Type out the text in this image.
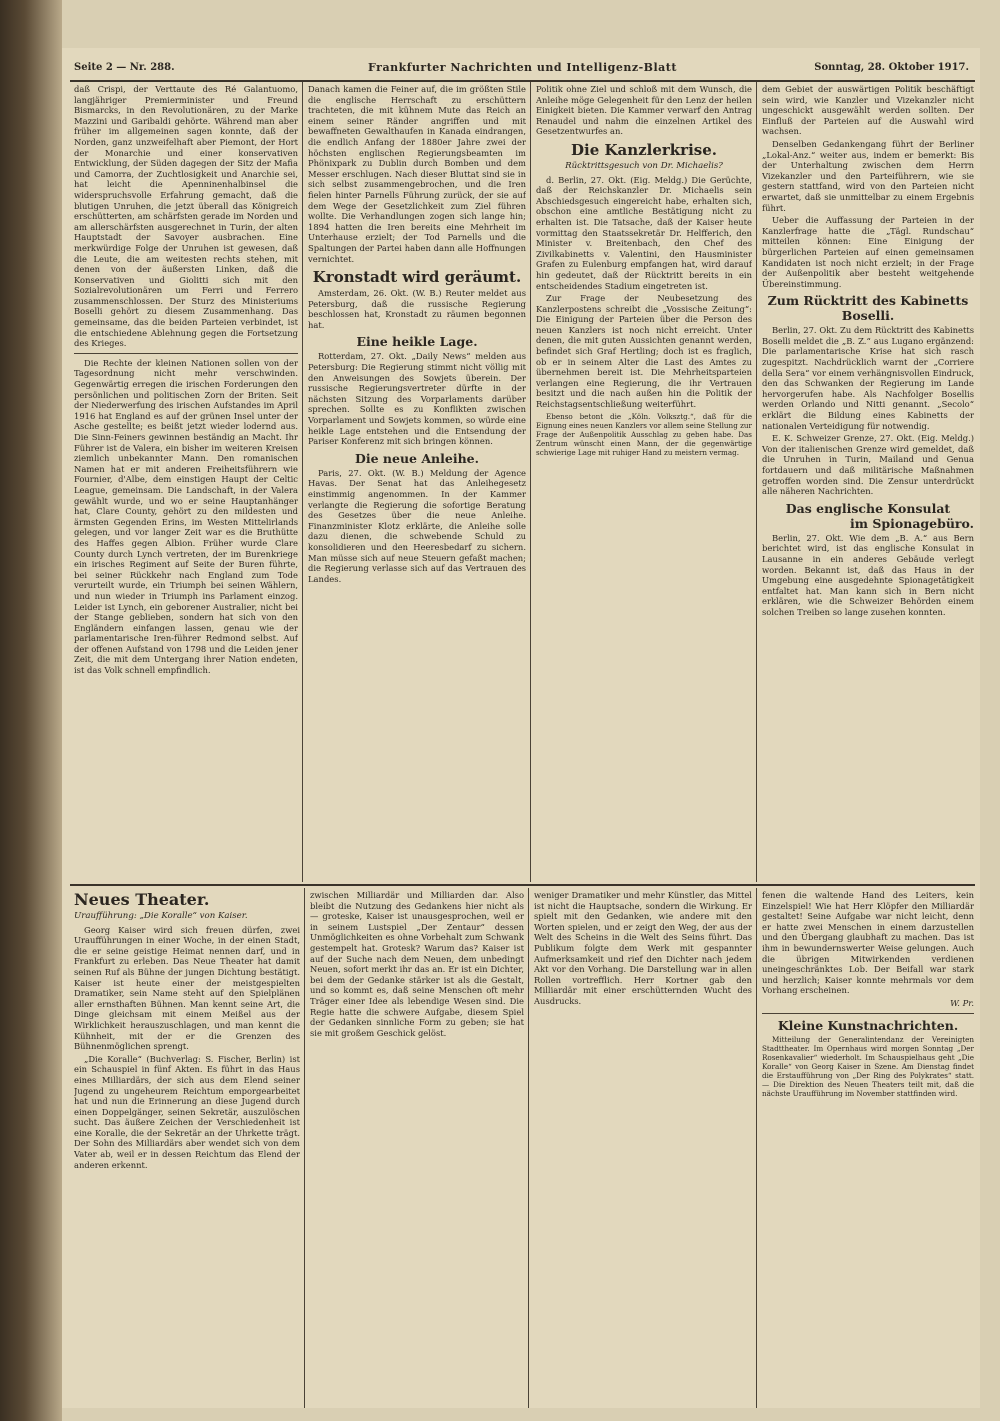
Seite 2 — Nr. 288.	Frankfurter Nachrichten und Intelligenz-Blatt	Sonntag, 28. Oktober 1917.

daß Crispi, der Verttaute des Ré Galantuomo, langjähriger Premierminister und Freund Bismarcks, in den Revolutionären, zu der Marke Mazzini und Garibaldi gehörte. Während man aber früher im allgemeinen sagen konnte, daß der Norden, ganz unzweifelhaft aber Piemont, der Hort der Monarchie und einer konservativen Entwicklung, der Süden dagegen der Sitz der Mafia und Camorra, der Zuchtlosigkeit und Anarchie sei, hat leicht die Apenninenhalbinsel die widerspruchsvolle Erfahrung gemacht, daß die blutigen Unruhen, die jetzt überall das Königreich erschütterten, am schärfsten gerade im Norden und am allerschärfsten ausgerechnet in Turin, der alten Hauptstadt der Savoyer ausbrachen. Eine merkwürdige Folge der Unruhen ist gewesen, daß die Leute, die am weitesten rechts stehen, mit denen von der äußersten Linken, daß die Konservativen und Giolitti sich mit den Sozialrevolutionären um Ferri und Ferrero zusammenschlossen. Der Sturz des Ministeriums Boselli gehört zu diesem Zusammenhang. Das gemeinsame, das die beiden Parteien verbindet, ist die entschiedene Ablehnung gegen die Fortsetzung des Krieges.

Die Rechte der kleinen Nationen sollen von der Tagesordnung nicht mehr verschwinden. Gegenwärtig erregen die irischen Forderungen den persönlichen und politischen Zorn der Briten. Seit der Niederwerfung des irischen Aufstandes im April 1916 hat England es auf der grünen Insel unter der Asche gestellte; es beißt jetzt wieder lodernd aus. Die Sinn-Feiners gewinnen beständig an Macht. Ihr Führer ist de Valera, ein bisher im weiteren Kreisen ziemlich unbekannter Mann. Den romanischen Namen hat er mit anderen Freiheitsführern wie Fournier, d'Albe, dem einstigen Haupt der Celtic League, gemeinsam. Die Landschaft, in der Valera gewählt wurde, und wo er seine Hauptanhänger hat, Clare County, gehört zu den mildesten und ärmsten Gegenden Erins, im Westen Mittelirlands gelegen, und vor langer Zeit war es die Bruthütte des Haffes gegen Albion. Früher wurde Clare County durch Lynch vertreten, der im Burenkriege ein irisches Regiment auf Seite der Buren führte, bei seiner Rückkehr nach England zum Tode verurteilt wurde, ein Triumph bei seinen Wählern, und nun wieder in Triumph ins Parlament einzog. Leider ist Lynch, ein geborener Australier, nicht bei der Stange geblieben, sondern hat sich von den Engländern einfangen lassen, genau wie der parlamentarische Iren-führer Redmond selbst. Auf der offenen Aufstand von 1798 und die Leiden jener Zeit, die mit dem Untergang ihrer Nation endeten, ist das Volk schnell empfindlich.

Danach kamen die Feiner auf, die im größten Stile die englische Herrschaft zu erschüttern trachteten, die mit kühnem Mute das Reich an einem seiner Ränder angriffen und mit bewaffneten Gewalthaufen in Kanada eindrangen, die endlich Anfang der 1880er Jahre zwei der höchsten englischen Regierungsbeamten im Phönixpark zu Dublin durch Bomben und dem Messer erschlugen. Nach dieser Bluttat sind sie in sich selbst zusammengebrochen, und die Iren fielen hinter Parnells Führung zurück, der sie auf dem Wege der Gesetzlichkeit zum Ziel führen wollte. Die Verhandlungen zogen sich lange hin; 1894 hatten die Iren bereits eine Mehrheit im Unterhause erzielt; der Tod Parnells und die Spaltungen der Partei haben dann alle Hoffnungen vernichtet.

Kronstadt wird geräumt.

Amsterdam, 26. Okt. (W. B.) Reuter meldet aus Petersburg, daß die russische Regierung beschlossen hat, Kronstadt zu räumen begonnen hat.

Eine heikle Lage.

Rotterdam, 27. Okt. „Daily News“ melden aus Petersburg: Die Regierung stimmt nicht völlig mit den Anweisungen des Sowjets überein. Der russische Regierungsvertreter dürfte in der nächsten Sitzung des Vorparlaments darüber sprechen. Sollte es zu Konflikten zwischen Vorparlament und Sowjets kommen, so würde eine heikle Lage entstehen und die Entsendung der Pariser Konferenz mit sich bringen können.

Die neue Anleihe.

Paris, 27. Okt. (W. B.) Meldung der Agence Havas. Der Senat hat das Anleihegesetz einstimmig angenommen. In der Kammer verlangte die Regierung die sofortige Beratung des Gesetzes über die neue Anleihe. Finanzminister Klotz erklärte, die Anleihe solle dazu dienen, die schwebende Schuld zu konsolidieren und den Heeresbedarf zu sichern. Man müsse sich auf neue Steuern gefaßt machen; die Regierung verlasse sich auf das Vertrauen des Landes.

Politik ohne Ziel und schloß mit dem Wunsch, die Anleihe möge Gelegenheit für den Lenz der heilen Einigkeit bieten. Die Kammer verwarf den Antrag Renaudel und nahm die einzelnen Artikel des Gesetzentwurfes an.

Die Kanzlerkrise.
Rücktrittsgesuch von Dr. Michaelis?

d. Berlin, 27. Okt. (Eig. Meldg.) Die Gerüchte, daß der Reichskanzler Dr. Michaelis sein Abschiedsgesuch eingereicht habe, erhalten sich, obschon eine amtliche Bestätigung nicht zu erhalten ist. Die Tatsache, daß der Kaiser heute vormittag den Staatssekretär Dr. Helfferich, den Minister v. Breitenbach, den Chef des Zivilkabinetts v. Valentini, den Hausminister Grafen zu Eulenburg empfangen hat, wird darauf hin gedeutet, daß der Rücktritt bereits in ein entscheidendes Stadium eingetreten ist.

Zur Frage der Neubesetzung des Kanzlerpostens schreibt die „Vossische Zeitung“: Die Einigung der Parteien über die Person des neuen Kanzlers ist noch nicht erreicht. Unter denen, die mit guten Aussichten genannt werden, befindet sich Graf Hertling; doch ist es fraglich, ob er in seinem Alter die Last des Amtes zu übernehmen bereit ist. Die Mehrheitsparteien verlangen eine Regierung, die ihr Vertrauen besitzt und die nach außen hin die Politik der Reichstagsentschließung weiterführt.

Ebenso betont die „Köln. Volksztg.“, daß für die Eignung eines neuen Kanzlers vor allem seine Stellung zur Frage der Außenpolitik Ausschlag zu geben habe. Das Zentrum wünscht einen Mann, der die gegenwärtige schwierige Lage mit ruhiger Hand zu meistern vermag.

dem Gebiet der auswärtigen Politik beschäftigt sein wird, wie Kanzler und Vizekanzler nicht ungeschickt ausgewählt werden sollten. Der Einfluß der Parteien auf die Auswahl wird wachsen.

Denselben Gedankengang führt der Berliner „Lokal-Anz.“ weiter aus, indem er bemerkt: Bis der Unterhaltung zwischen dem Herrn Vizekanzler und den Parteiführern, wie sie gestern stattfand, wird von den Parteien nicht erwartet, daß sie unmittelbar zu einem Ergebnis führt.

Ueber die Auffassung der Parteien in der Kanzlerfrage hatte die „Tägl. Rundschau“ mitteilen können: Eine Einigung der bürgerlichen Parteien auf einen gemeinsamen Kandidaten ist noch nicht erzielt; in der Frage der Außenpolitik aber besteht weitgehende Übereinstimmung.

Zum Rücktritt des Kabinetts Boselli.

Berlin, 27. Okt. Zu dem Rücktritt des Kabinetts Boselli meldet die „B. Z.“ aus Lugano ergänzend: Die parlamentarische Krise hat sich rasch zugespitzt. Nachdrücklich warnt der „Corriere della Sera“ vor einem verhängnisvollen Eindruck, den das Schwanken der Regierung im Lande hervorgerufen habe. Als Nachfolger Bosellis werden Orlando und Nitti genannt. „Secolo“ erklärt die Bildung eines Kabinetts der nationalen Verteidigung für notwendig.

E. K. Schweizer Grenze, 27. Okt. (Eig. Meldg.) Von der italienischen Grenze wird gemeldet, daß die Unruhen in Turin, Mailand und Genua fortdauern und daß militärische Maßnahmen getroffen worden sind. Die Zensur unterdrückt alle näheren Nachrichten.

Das englische Konsulat
im Spionagebüro.

Berlin, 27. Okt. Wie dem „B. A.“ aus Bern berichtet wird, ist das englische Konsulat in Lausanne in ein anderes Gebäude verlegt worden. Bekannt ist, daß das Haus in der Umgebung eine ausgedehnte Spionagetätigkeit entfaltet hat. Man kann sich in Bern nicht erklären, wie die Schweizer Behörden einem solchen Treiben so lange zusehen konnten.

Neues Theater.
Uraufführung: „Die Koralle“ von Kaiser.

Georg Kaiser wird sich freuen dürfen, zwei Uraufführungen in einer Woche, in der einen Stadt, die er seine geistige Heimat nennen darf, und in Frankfurt zu erleben. Das Neue Theater hat damit seinen Ruf als Bühne der jungen Dichtung bestätigt. Kaiser ist heute einer der meistgespielten Dramatiker, sein Name steht auf den Spielplänen aller ernsthaften Bühnen. Man kennt seine Art, die Dinge gleichsam mit einem Meißel aus der Wirklichkeit herauszuschlagen, und man kennt die Kühnheit, mit der er die Grenzen des Bühnenmöglichen sprengt.

„Die Koralle“ (Buchverlag: S. Fischer, Berlin) ist ein Schauspiel in fünf Akten. Es führt in das Haus eines Milliardärs, der sich aus dem Elend seiner Jugend zu ungeheurem Reichtum emporgearbeitet hat und nun die Erinnerung an diese Jugend durch einen Doppelgänger, seinen Sekretär, auszulöschen sucht. Das äußere Zeichen der Verschiedenheit ist eine Koralle, die der Sekretär an der Uhrkette trägt. Der Sohn des Milliardärs aber wendet sich von dem Vater ab, weil er in dessen Reichtum das Elend der anderen erkennt.

zwischen Milliardär und Milliarden dar. Also bleibt die Nutzung des Gedankens hier nicht als — groteske, Kaiser ist unausgesprochen, weil er in seinem Lustspiel „Der Zentaur“ dessen Unmöglichkeiten es ohne Vorbehalt zum Schwank gestempelt hat. Grotesk? Warum das? Kaiser ist auf der Suche nach dem Neuen, dem unbedingt Neuen, sofort merkt ihr das an. Er ist ein Dichter, bei dem der Gedanke stärker ist als die Gestalt, und so kommt es, daß seine Menschen oft mehr Träger einer Idee als lebendige Wesen sind. Die Regie hatte die schwere Aufgabe, diesem Spiel der Gedanken sinnliche Form zu geben; sie hat sie mit großem Geschick gelöst.

weniger Dramatiker und mehr Künstler, das Mittel ist nicht die Hauptsache, sondern die Wirkung. Er spielt mit den Gedanken, wie andere mit den Worten spielen, und er zeigt den Weg, der aus der Welt des Scheins in die Welt des Seins führt. Das Publikum folgte dem Werk mit gespannter Aufmerksamkeit und rief den Dichter nach jedem Akt vor den Vorhang. Die Darstellung war in allen Rollen vortrefflich. Herr Kortner gab den Milliardär mit einer erschütternden Wucht des Ausdrucks.

fenen die waltende Hand des Leiters, kein Einzelspiel! Wie hat Herr Klöpfer den Milliardär gestaltet! Seine Aufgabe war nicht leicht, denn er hatte zwei Menschen in einem darzustellen und den Übergang glaubhaft zu machen. Das ist ihm in bewundernswerter Weise gelungen. Auch die übrigen Mitwirkenden verdienen uneingeschränktes Lob. Der Beifall war stark und herzlich; Kaiser konnte mehrmals vor dem Vorhang erscheinen.

W. Pr.
Kleine Kunstnachrichten.

Mitteilung der Generalintendanz der Vereinigten Stadttheater. Im Opernhaus wird morgen Sonntag „Der Rosenkavalier“ wiederholt. Im Schauspielhaus geht „Die Koralle“ von Georg Kaiser in Szene. Am Dienstag findet die Erstaufführung von „Der Ring des Polykrates“ statt. — Die Direktion des Neuen Theaters teilt mit, daß die nächste Uraufführung im November stattfinden wird.
